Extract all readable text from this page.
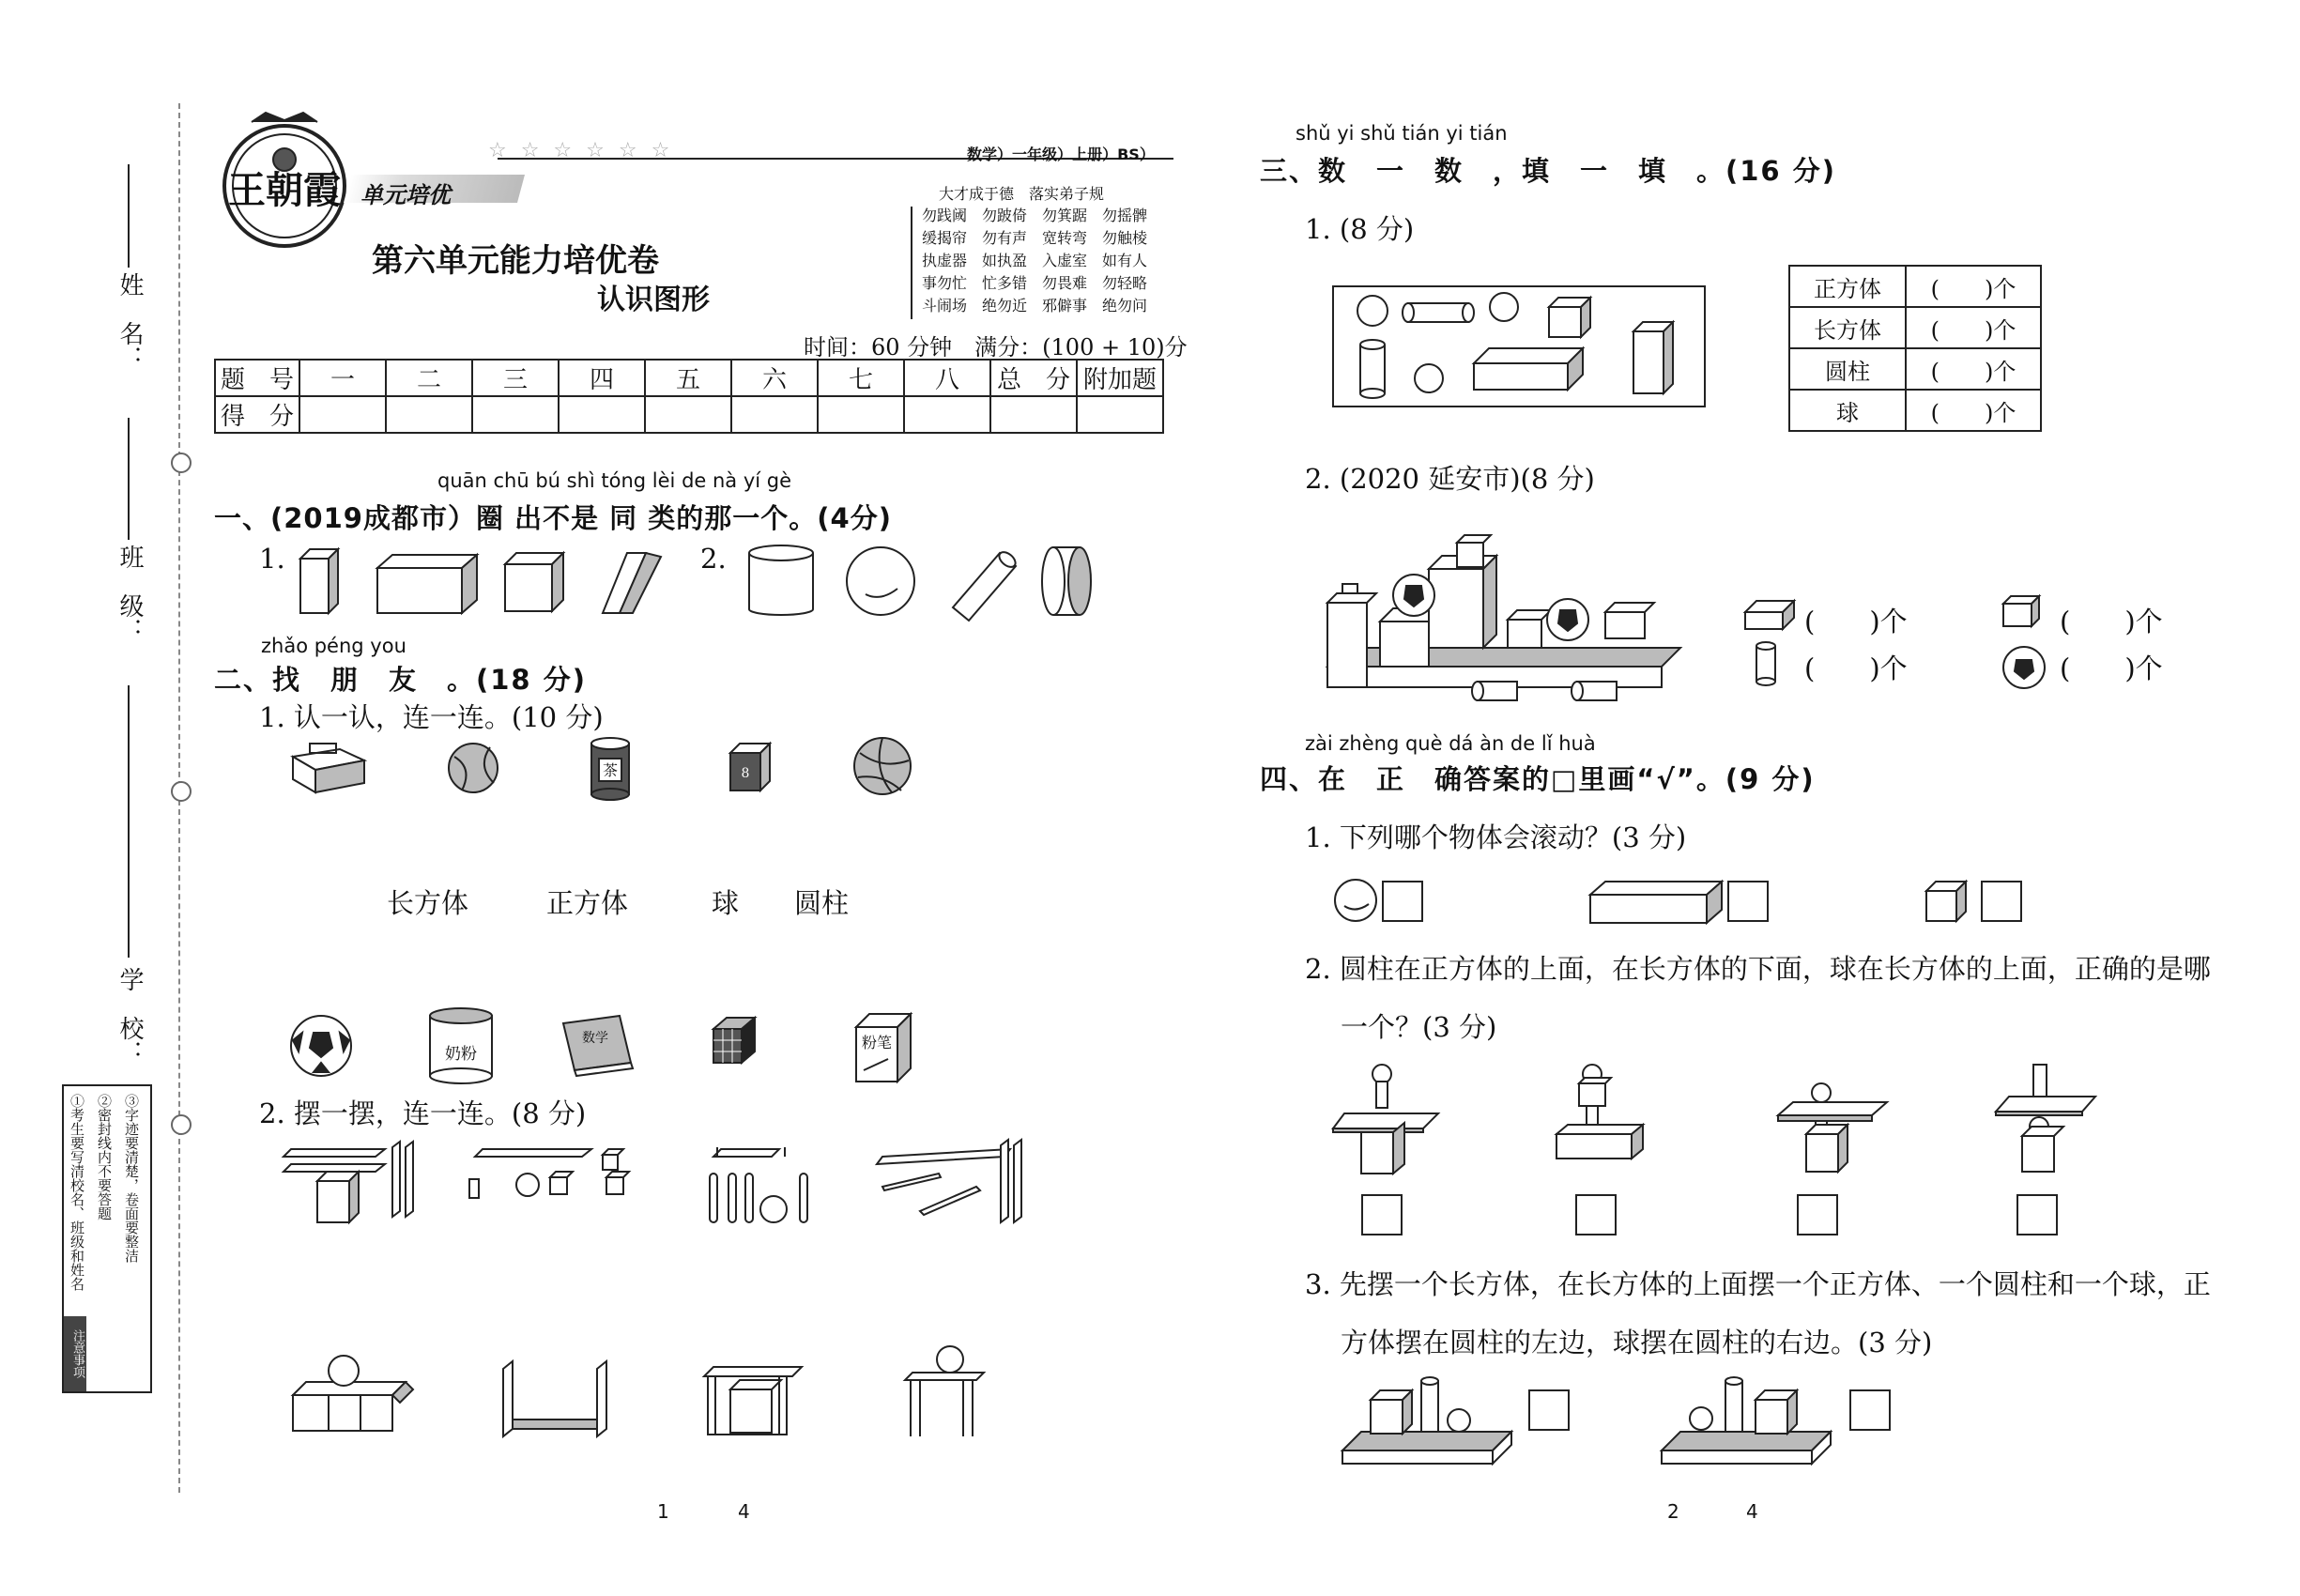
姓　名：
班　级：
学　校：
注意事项
①考生要写清校名、班级和姓名 ②密封线内不要答题 ③字迹要清楚，卷面要整洁
王朝霞 单元培优
☆ ☆ ☆ ☆ ☆ ☆	数学）一年级）上册）BS）
第六单元能力培优卷
认识图形
大才成于德　落实弟子规
勿践阈　勿跛倚　勿箕踞　勿摇髀
缓揭帘　勿有声　宽转弯　勿触棱
执虚器　如执盈　入虚室　如有人
事勿忙　忙多错　勿畏难　勿轻略
斗闹场　绝勿近　邪僻事　绝勿问
时间：60 分钟　满分：(100 + 10)分
题　号	一	二	三	四	五	六	七	八	总　分	附加题
得　分										
quān chū bú shì tóng lèi de nà yí gè
一、(2019成都市）圈 出不是 同 类的那一个。(4分)
1.	2.
zhǎo péng you
二、找　朋　友　。(18 分)
1. 认一认，连一连。(10 分)
茶	8
长方体	正方体	球 圆柱
奶粉
数学	粉笔
2. 摆一摆，连一连。(8 分)
shǔ yi shǔ tián yi tián
三、数　一　数　，填　一　填　。(16 分)
1. (8 分)
正方体	(　　)个
长方体	(　　)个
圆柱	(　　)个
球	(　　)个
2. (2020 延安市)(8 分)
(　　)个
(　　)个
(　　)个
(　　)个
zài zhèng què dá àn de lǐ huà
四、在　正　确答案的□里画“√”。(9 分)
1. 下列哪个物体会滚动？(3 分)
2. 圆柱在正方体的上面，在长方体的下面，球在长方体的上面，正确的是哪
一个？(3 分)
3. 先摆一个长方体，在长方体的上面摆一个正方体、一个圆柱和一个球，正
方体摆在圆柱的左边，球摆在圆柱的右边。(3 分)
1	4	2	4
